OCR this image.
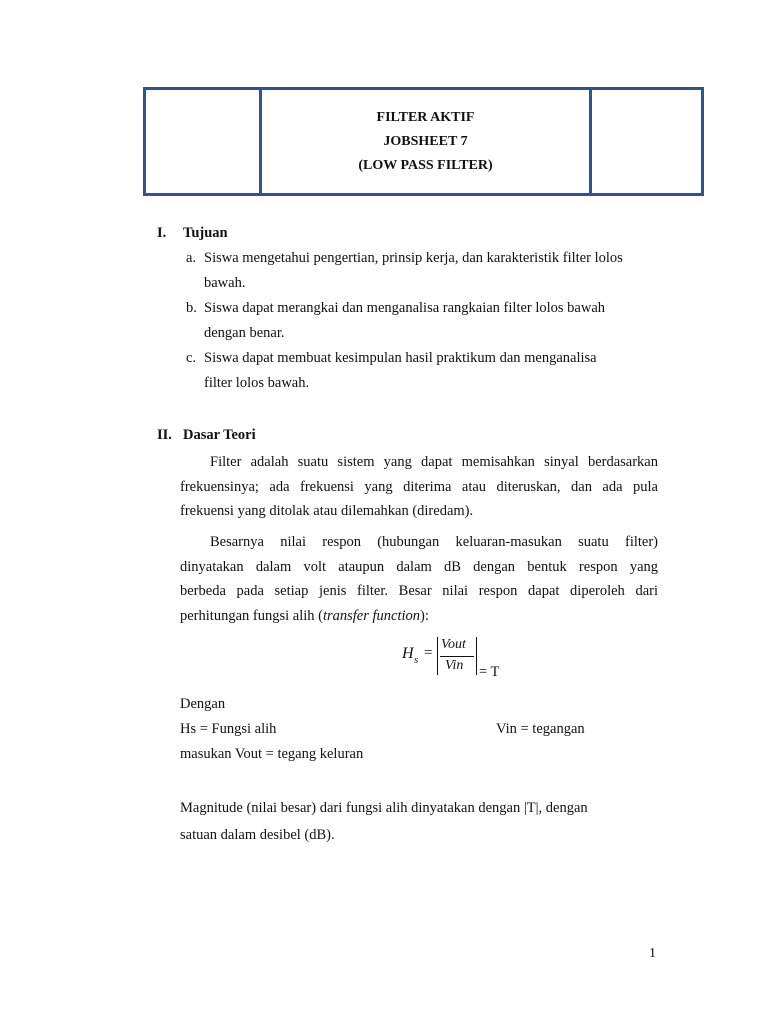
FILTER AKTIF
JOBSHEET 7
(LOW PASS FILTER)
I. Tujuan
a. Siswa mengetahui pengertian, prinsip kerja, dan karakteristik filter lolos
bawah.
b. Siswa dapat merangkai dan menganalisa rangkaian filter lolos bawah
dengan benar.
c. Siswa dapat membuat kesimpulan hasil praktikum dan menganalisa
filter lolos bawah.
II. Dasar Teori
Filter adalah suatu sistem yang dapat memisahkan sinyal berdasarkan
frekuensinya; ada frekuensi yang diterima atau diteruskan, dan ada pula
frekuensi yang ditolak atau dilemahkan (diredam).
Besarnya nilai respon (hubungan keluaran-masukan suatu filter)
dinyatakan dalam volt ataupun dalam dB dengan bentuk respon yang
berbeda pada setiap jenis filter. Besar nilai respon dapat diperoleh dari
perhitungan fungsi alih (transfer function):
H s =
Vout
Vin = T
Dengan
Hs = Fungsi alih	Vin = tegangan
masukan Vout = tegang keluran
Magnitude (nilai besar) dari fungsi alih dinyatakan dengan |T|, dengan
satuan dalam desibel (dB).
1
